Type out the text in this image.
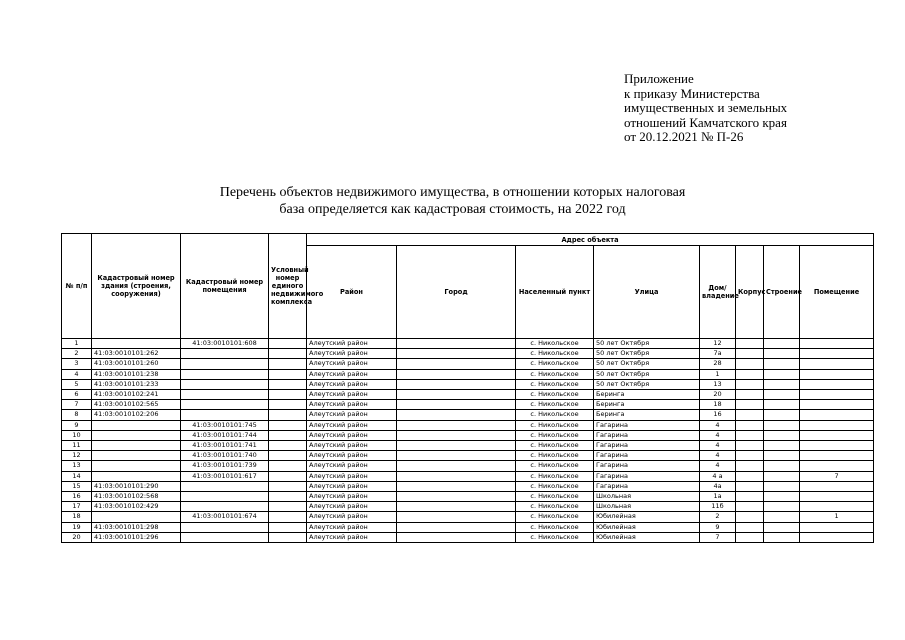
Приложение
к приказу Министерства
имущественных и земельных
отношений Камчатского края
от 20.12.2021 № П-26
Перечень объектов недвижимого имущества, в отношении которых налоговая
база определяется как кадастровая стоимость, на 2022 год
№ п/п	Кадастровый номер здания (строения, сооружения)	Кадастровый номер помещения	Условный номер единого недвижимого комплекса	Адрес объекта							
				Район	Город	Населенный пункт	Улица	Дом/ владение	Корпус	Строение	Помещение
1		41:03:0010101:608		Алеутский район		с. Никольское	50 лет Октября	12			
2	41:03:0010101:262			Алеутский район		с. Никольское	50 лет Октября	7а			
3	41:03:0010101:260			Алеутский район		с. Никольское	50 лет Октября	28			
4	41:03:0010101:238			Алеутский район		с. Никольское	50 лет Октября	1			
5	41:03:0010101:233			Алеутский район		с. Никольское	50 лет Октября	13			
6	41:03:0010102:241			Алеутский район		с. Никольское	Беринга	20			
7	41:03:0010102:565			Алеутский район		с. Никольское	Беринга	18			
8	41:03:0010102:206			Алеутский район		с. Никольское	Беринга	16			
9		41:03:0010101:745		Алеутский район		с. Никольское	Гагарина	4			
10		41:03:0010101:744		Алеутский район		с. Никольское	Гагарина	4			
11		41:03:0010101:741		Алеутский район		с. Никольское	Гагарина	4			
12		41:03:0010101:740		Алеутский район		с. Никольское	Гагарина	4			
13		41:03:0010101:739		Алеутский район		с. Никольское	Гагарина	4			
14		41:03:0010101:617		Алеутский район		с. Никольское	Гагарина	4 а			7
15	41:03:0010101:290			Алеутский район		с. Никольское	Гагарина	4а			
16	41:03:0010102:568			Алеутский район		с. Никольское	Школьная	1а			
17	41:03:0010102:429			Алеутский район		с. Никольское	Школьная	11б			
18		41:03:0010101:674		Алеутский район		с. Никольское	Юбилейная	2			1
19	41:03:0010101:298			Алеутский район		с. Никольское	Юбилейная	9			
20	41:03:0010101:296			Алеутский район		с. Никольское	Юбилейная	7			
